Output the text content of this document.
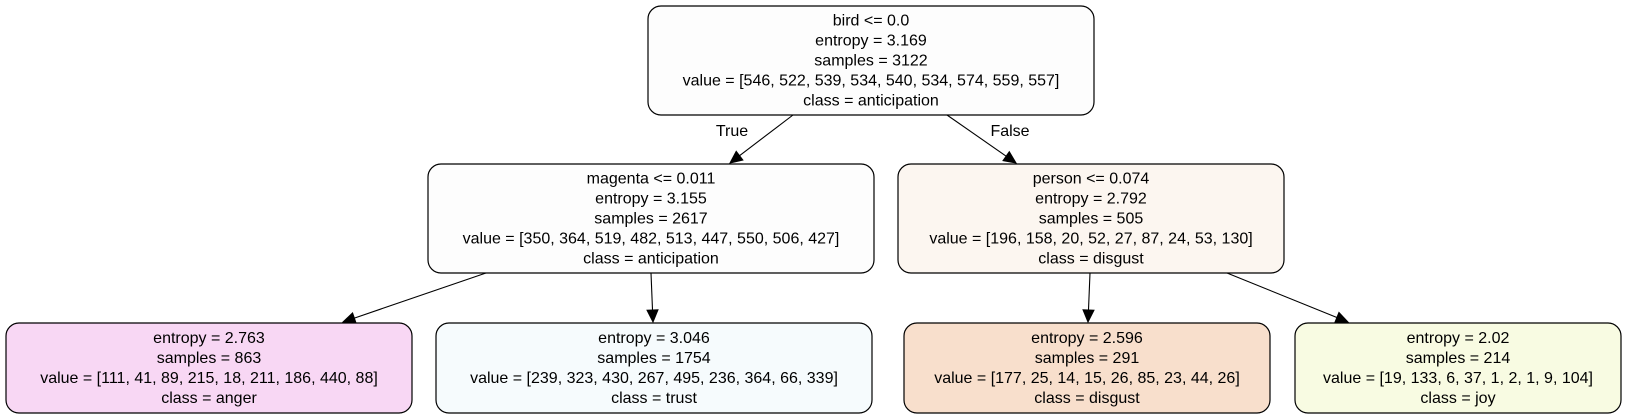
True	False
bird <= 0.0
entropy = 3.169
samples = 3122
value = [546, 522, 539, 534, 540, 534, 574, 559, 557]
class = anticipation
magenta <= 0.011
entropy = 3.155
samples = 2617
value = [350, 364, 519, 482, 513, 447, 550, 506, 427]
class = anticipation
person <= 0.074
entropy = 2.792
samples = 505
value = [196, 158, 20, 52, 27, 87, 24, 53, 130]
class = disgust
entropy = 2.763
samples = 863
value = [111, 41, 89, 215, 18, 211, 186, 440, 88]
class = anger
entropy = 3.046
samples = 1754
value = [239, 323, 430, 267, 495, 236, 364, 66, 339]
class = trust
entropy = 2.596
samples = 291
value = [177, 25, 14, 15, 26, 85, 23, 44, 26]
class = disgust
entropy = 2.02
samples = 214
value = [19, 133, 6, 37, 1, 2, 1, 9, 104]
class = joy
